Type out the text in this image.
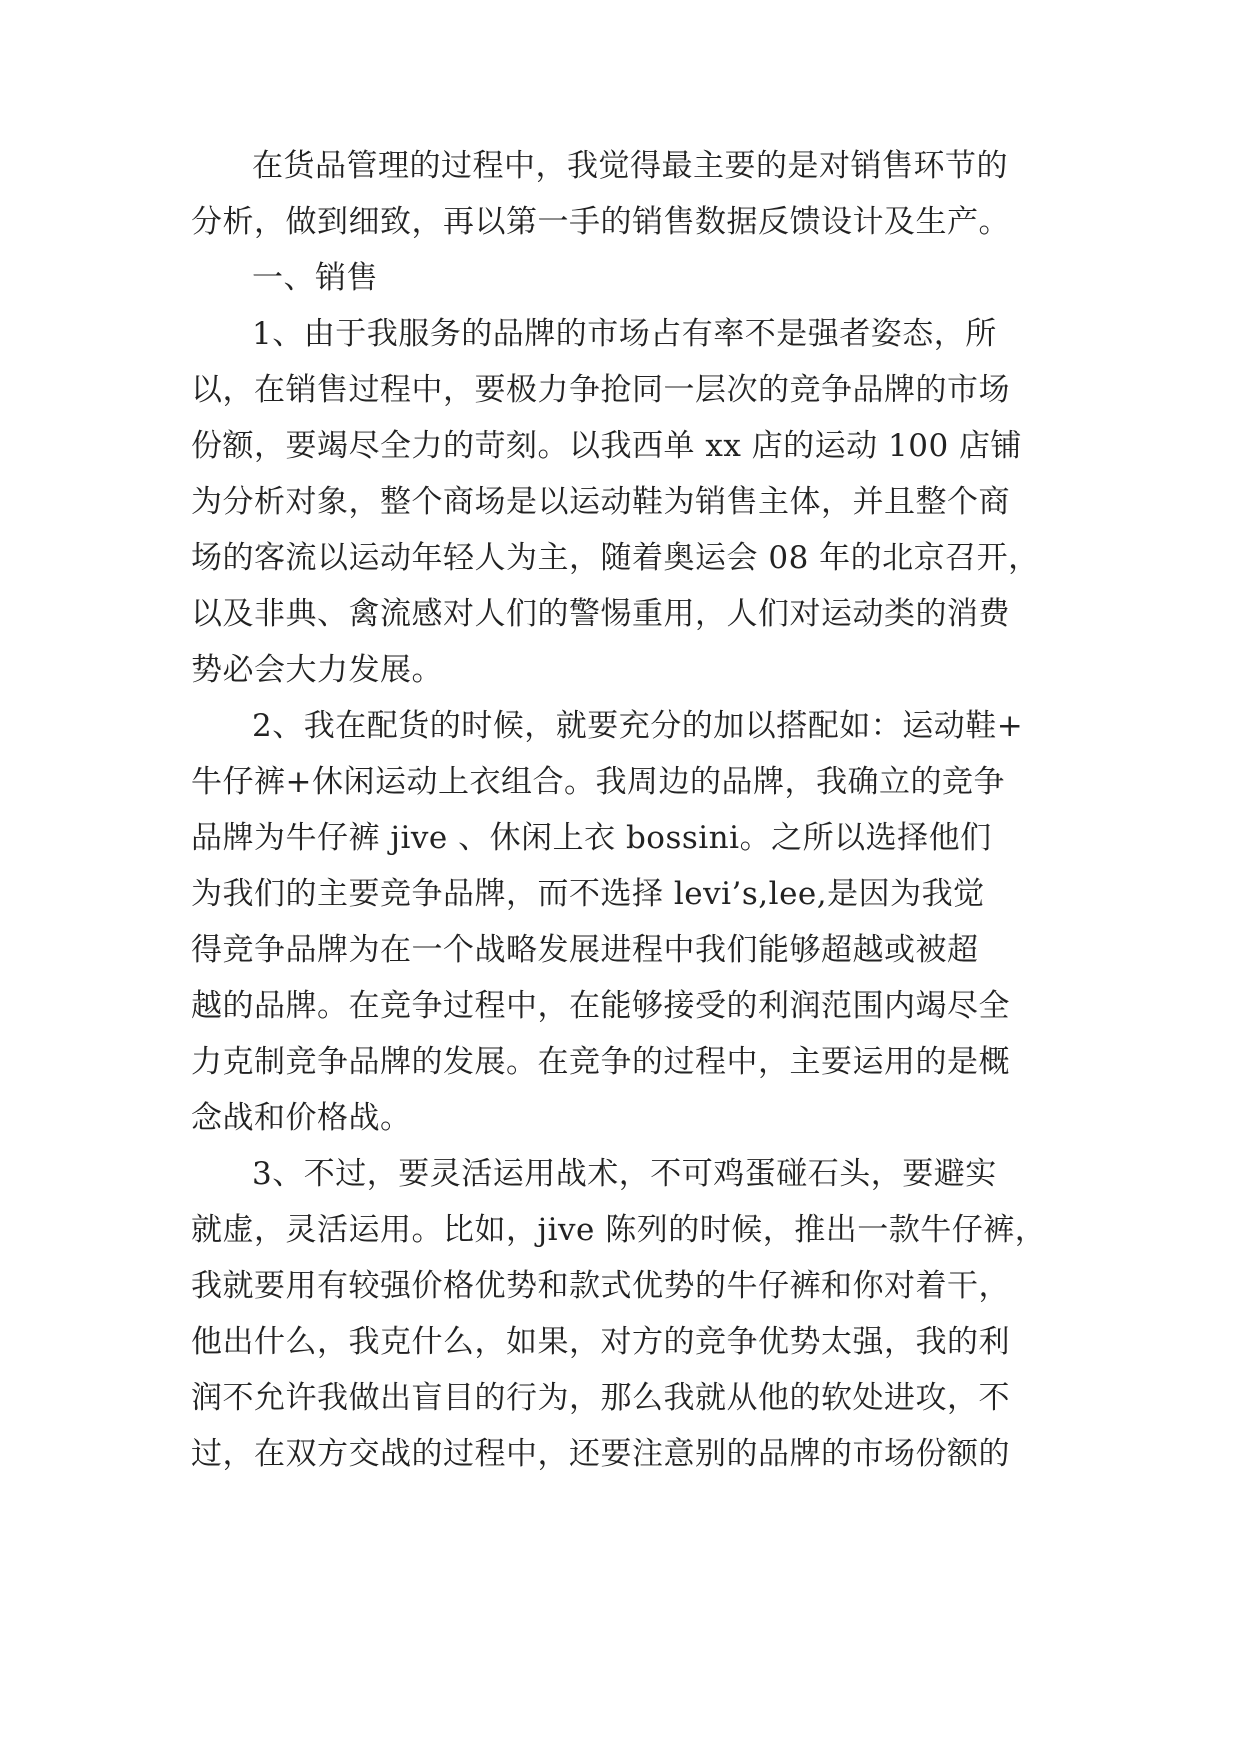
在货品管理的过程中，我觉得最主要的是对销售环节的
分析，做到细致，再以第一手的销售数据反馈设计及生产。
一、销售
1、由于我服务的品牌的市场占有率不是强者姿态，所
以，在销售过程中，要极力争抢同一层次的竞争品牌的市场
份额，要竭尽全力的苛刻。以我西单 xx 店的运动 100 店铺
为分析对象，整个商场是以运动鞋为销售主体，并且整个商
场的客流以运动年轻人为主，随着奥运会 08 年的北京召开，
以及非典、禽流感对人们的警惕重用，人们对运动类的消费
势必会大力发展。
2、我在配货的时候，就要充分的加以搭配如：运动鞋+
牛仔裤+休闲运动上衣组合。我周边的品牌，我确立的竞争
品牌为牛仔裤 jive 、休闲上衣 bossini。之所以选择他们
为我们的主要竞争品牌，而不选择 levi’s,lee,是因为我觉
得竞争品牌为在一个战略发展进程中我们能够超越或被超
越的品牌。在竞争过程中，在能够接受的利润范围内竭尽全
力克制竞争品牌的发展。在竞争的过程中，主要运用的是概
念战和价格战。
3、不过，要灵活运用战术，不可鸡蛋碰石头，要避实
就虚，灵活运用。比如，jive 陈列的时候，推出一款牛仔裤，
我就要用有较强价格优势和款式优势的牛仔裤和你对着干，
他出什么，我克什么，如果，对方的竞争优势太强，我的利
润不允许我做出盲目的行为，那么我就从他的软处进攻，不
过，在双方交战的过程中，还要注意别的品牌的市场份额的
